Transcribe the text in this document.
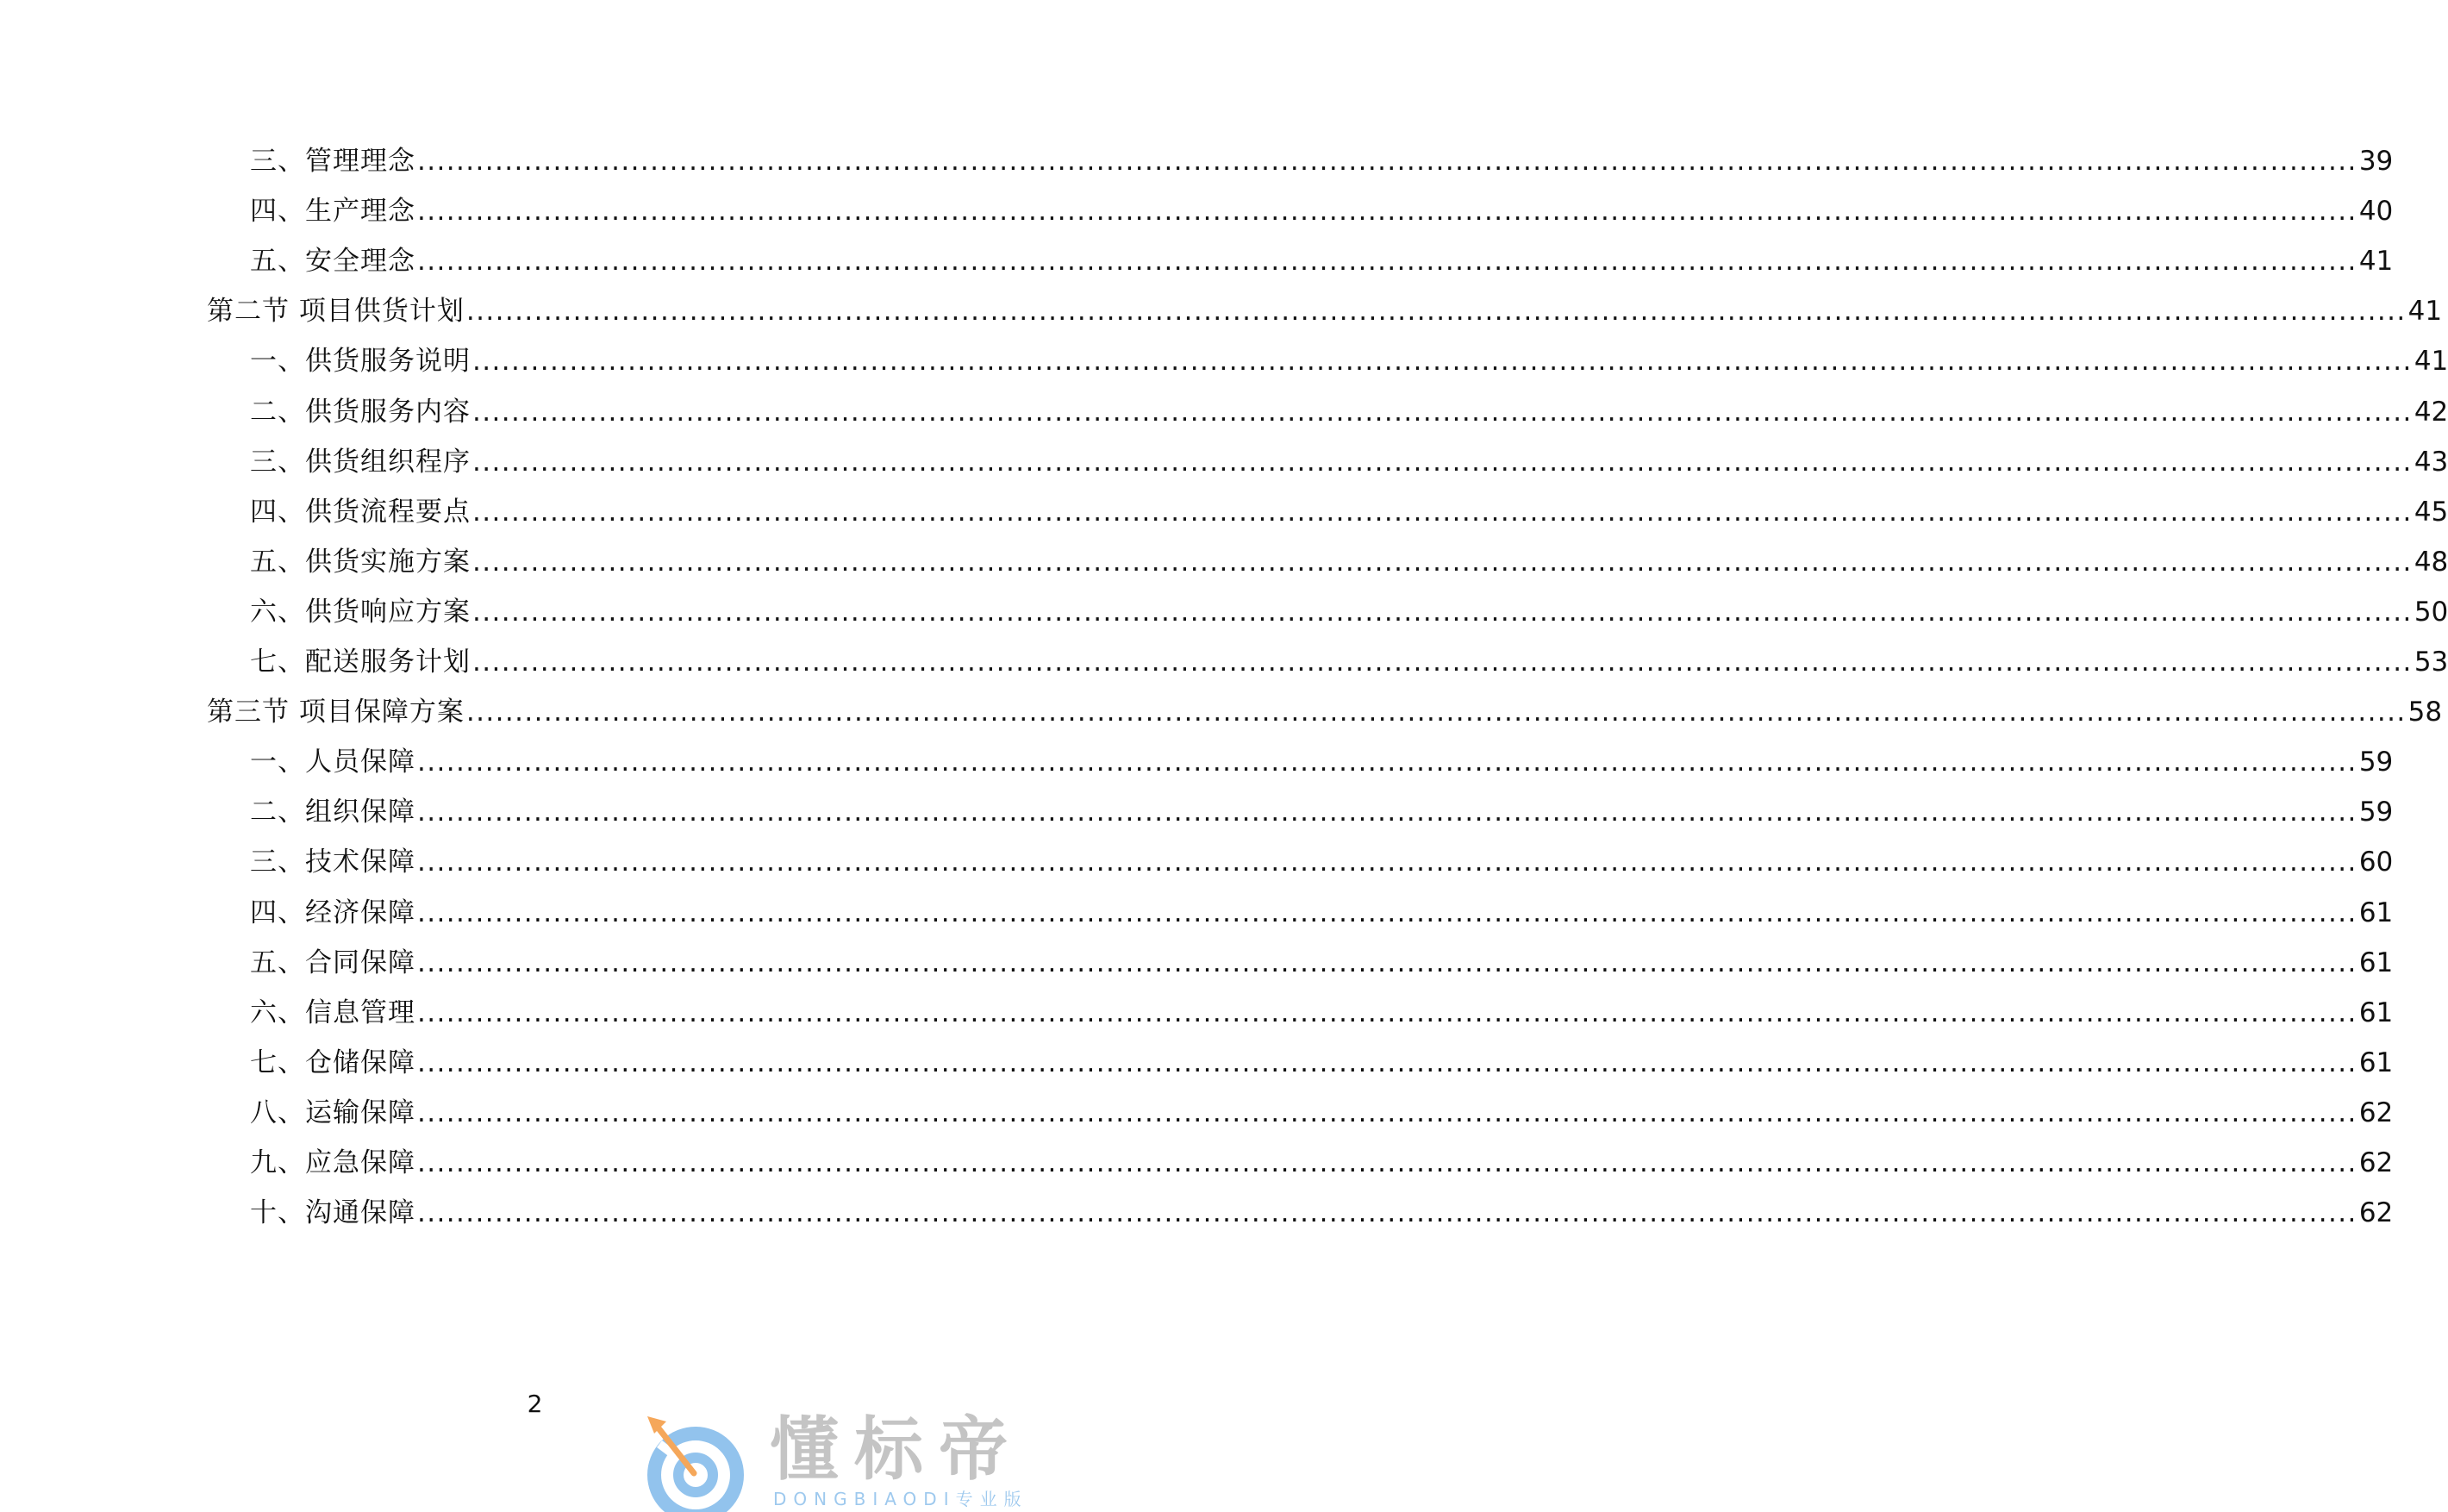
三、管理理念 ........................................................................................................................................................................................................ 39
四、生产理念 ........................................................................................................................................................................................................ 40
五、安全理念 ........................................................................................................................................................................................................ 41
第二节 项目供货计划 ........................................................................................................................................................................................................ 41
一、供货服务说明 ........................................................................................................................................................................................................ 41
二、供货服务内容 ........................................................................................................................................................................................................ 42
三、供货组织程序 ........................................................................................................................................................................................................ 43
四、供货流程要点 ........................................................................................................................................................................................................ 45
五、供货实施方案 ........................................................................................................................................................................................................ 48
六、供货响应方案 ........................................................................................................................................................................................................ 50
七、配送服务计划 ........................................................................................................................................................................................................ 53
第三节 项目保障方案 ........................................................................................................................................................................................................ 58
一、人员保障 ........................................................................................................................................................................................................ 59
二、组织保障 ........................................................................................................................................................................................................ 59
三、技术保障 ........................................................................................................................................................................................................ 60
四、经济保障 ........................................................................................................................................................................................................ 61
五、合同保障 ........................................................................................................................................................................................................ 61
六、信息管理 ........................................................................................................................................................................................................ 61
七、仓储保障 ........................................................................................................................................................................................................ 61
八、运输保障 ........................................................................................................................................................................................................ 62
九、应急保障 ........................................................................................................................................................................................................ 62
十、沟通保障 ........................................................................................................................................................................................................ 62
2
懂标帝
DONGBIAODI专业版
